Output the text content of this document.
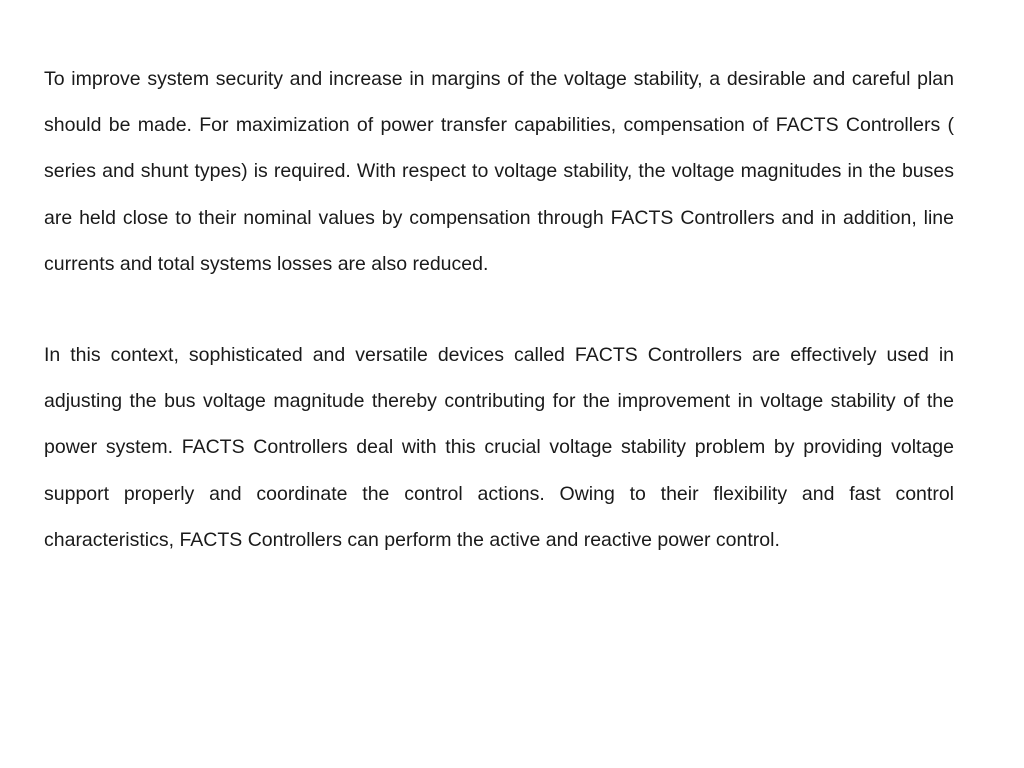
To improve system security and increase in margins of the voltage stability, a desirable and careful plan should be made. For maximization of power transfer capabilities, compensation of FACTS Controllers ( series and shunt types) is required. With respect to voltage stability, the voltage magnitudes in the buses are held close to their nominal values by compensation through FACTS Controllers and in addition, line currents and total systems losses are also reduced.

In this context, sophisticated and versatile devices called FACTS Controllers are effectively used in adjusting the bus voltage magnitude thereby contributing for the improvement in voltage stability of the power system. FACTS Controllers deal with this crucial voltage stability problem by providing voltage support properly and coordinate the control actions. Owing to their flexibility and fast control characteristics, FACTS Controllers can perform the active and reactive power control.
